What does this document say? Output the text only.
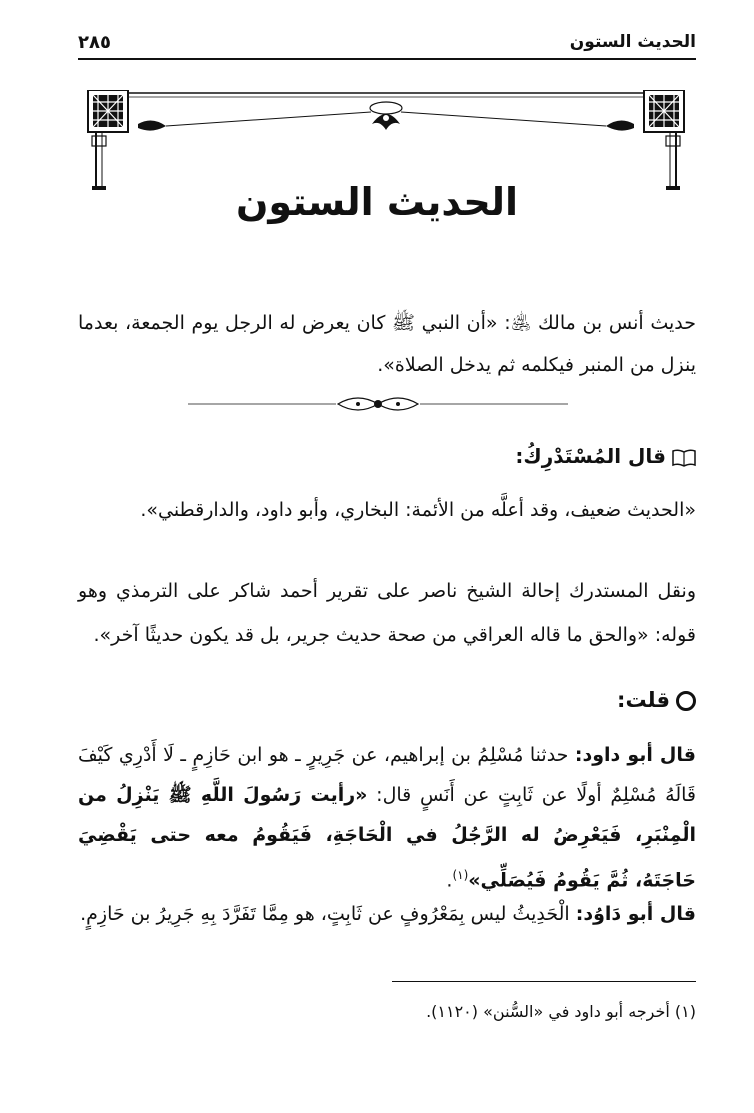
الحديث الستون
٢٨٥
الحديث الستون
حديث أنس بن مالك ﵁: «أن النبي ﷺ كان يعرض له الرجل يوم الجمعة، بعدما ينزل من المنبر فيكلمه ثم يدخل الصلاة».
قال المُسْتَدْرِكُ:
«الحديث ضعيف، وقد أعلَّه من الأئمة: البخاري، وأبو داود، والدارقطني».
ونقل المستدرك إحالة الشيخ ناصر على تقرير أحمد شاكر على الترمذي وهو قوله: «والحق ما قاله العراقي من صحة حديث جرير، بل قد يكون حديثًا آخر».
قلت:
قال أبو داود: حدثنا مُسْلِمُ بن إبراهيم، عن جَرِيرٍ ـ هو ابن حَازِمٍ ـ لَا أَدْرِي كَيْفَ قَالَهُ مُسْلِمٌ أولًا عن ثَابِتٍ عن أَنَسٍ قال: «رأيت رَسُولَ اللَّهِ ﷺ يَنْزِلُ من الْمِنْبَرِ، فَيَعْرِضُ له الرَّجُلُ في الْحَاجَةِ، فَيَقُومُ معه حتى يَقْضِيَ حَاجَتَهُ، ثُمَّ يَقُومُ فَيُصَلِّي»$^{(١)}$.
قال أبو دَاوُد: الْحَدِيثُ ليس بِمَعْرُوفٍ عن ثَابِتٍ، هو مِمَّا تَفَرَّدَ بِهِ جَرِيرُ بن حَازِمٍ.
(١) أخرجه أبو داود في «السُّنن» (١١٢٠).
